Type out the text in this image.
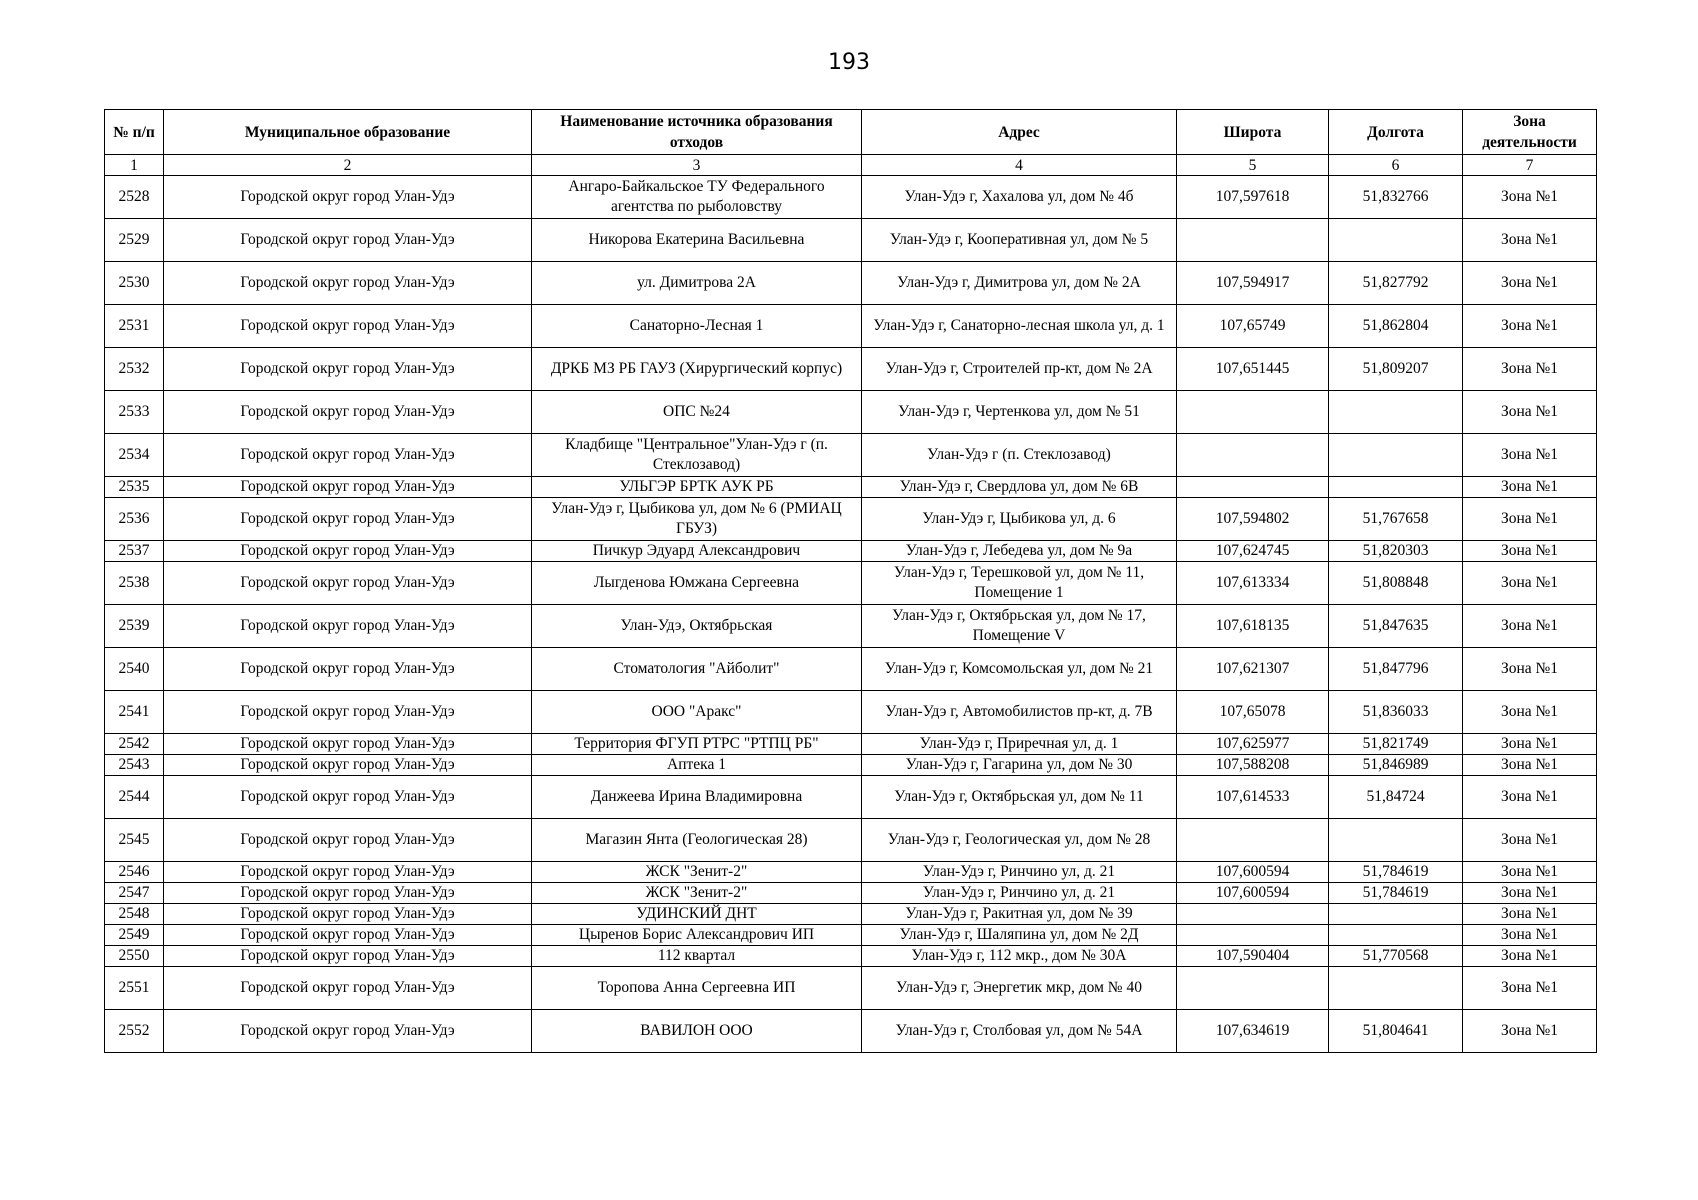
193
№ п/п	Муниципальное образование	Наименование источника образования отходов	Адрес	Широта	Долгота	Зона деятельности
1	2	3	4	5	6	7
2528	Городской округ город Улан-Удэ	Ангаро-Байкальское ТУ Федерального агентства по рыболовству	Улан-Удэ г, Хахалова ул, дом № 4б	107,597618	51,832766	Зона №1
2529	Городской округ город Улан-Удэ	Никорова Екатерина Васильевна	Улан-Удэ г, Кооперативная ул, дом № 5			Зона №1
2530	Городской округ город Улан-Удэ	ул. Димитрова 2А	Улан-Удэ г, Димитрова ул, дом № 2А	107,594917	51,827792	Зона №1
2531	Городской округ город Улан-Удэ	Санаторно-Лесная 1	Улан-Удэ г, Санаторно-лесная школа ул, д. 1	107,65749	51,862804	Зона №1
2532	Городской округ город Улан-Удэ	ДРКБ МЗ РБ ГАУЗ (Хирургический корпус)	Улан-Удэ г, Строителей пр-кт, дом № 2А	107,651445	51,809207	Зона №1
2533	Городской округ город Улан-Удэ	ОПС №24	Улан-Удэ г, Чертенкова ул, дом № 51			Зона №1
2534	Городской округ город Улан-Удэ	Кладбище "Центральное"Улан-Удэ г (п. Стеклозавод)	Улан-Удэ г (п. Стеклозавод)			Зона №1
2535	Городской округ город Улан-Удэ	УЛЬГЭР БРТК АУК РБ	Улан-Удэ г, Свердлова ул, дом № 6В			Зона №1
2536	Городской округ город Улан-Удэ	Улан-Удэ г, Цыбикова ул, дом № 6 (РМИАЦ ГБУЗ)	Улан-Удэ г, Цыбикова ул, д. 6	107,594802	51,767658	Зона №1
2537	Городской округ город Улан-Удэ	Пичкур Эдуард Александрович	Улан-Удэ г, Лебедева ул, дом № 9а	107,624745	51,820303	Зона №1
2538	Городской округ город Улан-Удэ	Лыгденова Юмжана Сергеевна	Улан-Удэ г, Терешковой ул, дом № 11, Помещение 1	107,613334	51,808848	Зона №1
2539	Городской округ город Улан-Удэ	Улан-Удэ, Октябрьская	Улан-Удэ г, Октябрьская ул, дом № 17, Помещение V	107,618135	51,847635	Зона №1
2540	Городской округ город Улан-Удэ	Стоматология "Айболит"	Улан-Удэ г, Комсомольская ул, дом № 21	107,621307	51,847796	Зона №1
2541	Городской округ город Улан-Удэ	ООО "Аракс"	Улан-Удэ г, Автомобилистов пр-кт, д. 7В	107,65078	51,836033	Зона №1
2542	Городской округ город Улан-Удэ	Территория ФГУП РТРС "РТПЦ РБ"	Улан-Удэ г, Приречная ул, д. 1	107,625977	51,821749	Зона №1
2543	Городской округ город Улан-Удэ	Аптека 1	Улан-Удэ г, Гагарина ул, дом № 30	107,588208	51,846989	Зона №1
2544	Городской округ город Улан-Удэ	Данжеева Ирина Владимировна	Улан-Удэ г, Октябрьская ул, дом № 11	107,614533	51,84724	Зона №1
2545	Городской округ город Улан-Удэ	Магазин Янта (Геологическая 28)	Улан-Удэ г, Геологическая ул, дом № 28			Зона №1
2546	Городской округ город Улан-Удэ	ЖСК "Зенит-2"	Улан-Удэ г, Ринчино ул, д. 21	107,600594	51,784619	Зона №1
2547	Городской округ город Улан-Удэ	ЖСК "Зенит-2"	Улан-Удэ г, Ринчино ул, д. 21	107,600594	51,784619	Зона №1
2548	Городской округ город Улан-Удэ	УДИНСКИЙ ДНТ	Улан-Удэ г, Ракитная ул, дом № 39			Зона №1
2549	Городской округ город Улан-Удэ	Цыренов Борис Александрович ИП	Улан-Удэ г, Шаляпина ул, дом № 2Д			Зона №1
2550	Городской округ город Улан-Удэ	112 квартал	Улан-Удэ г, 112 мкр., дом № 30А	107,590404	51,770568	Зона №1
2551	Городской округ город Улан-Удэ	Торопова Анна Сергеевна ИП	Улан-Удэ г, Энергетик мкр, дом № 40			Зона №1
2552	Городской округ город Улан-Удэ	ВАВИЛОН ООО	Улан-Удэ г, Столбовая ул, дом № 54А	107,634619	51,804641	Зона №1
